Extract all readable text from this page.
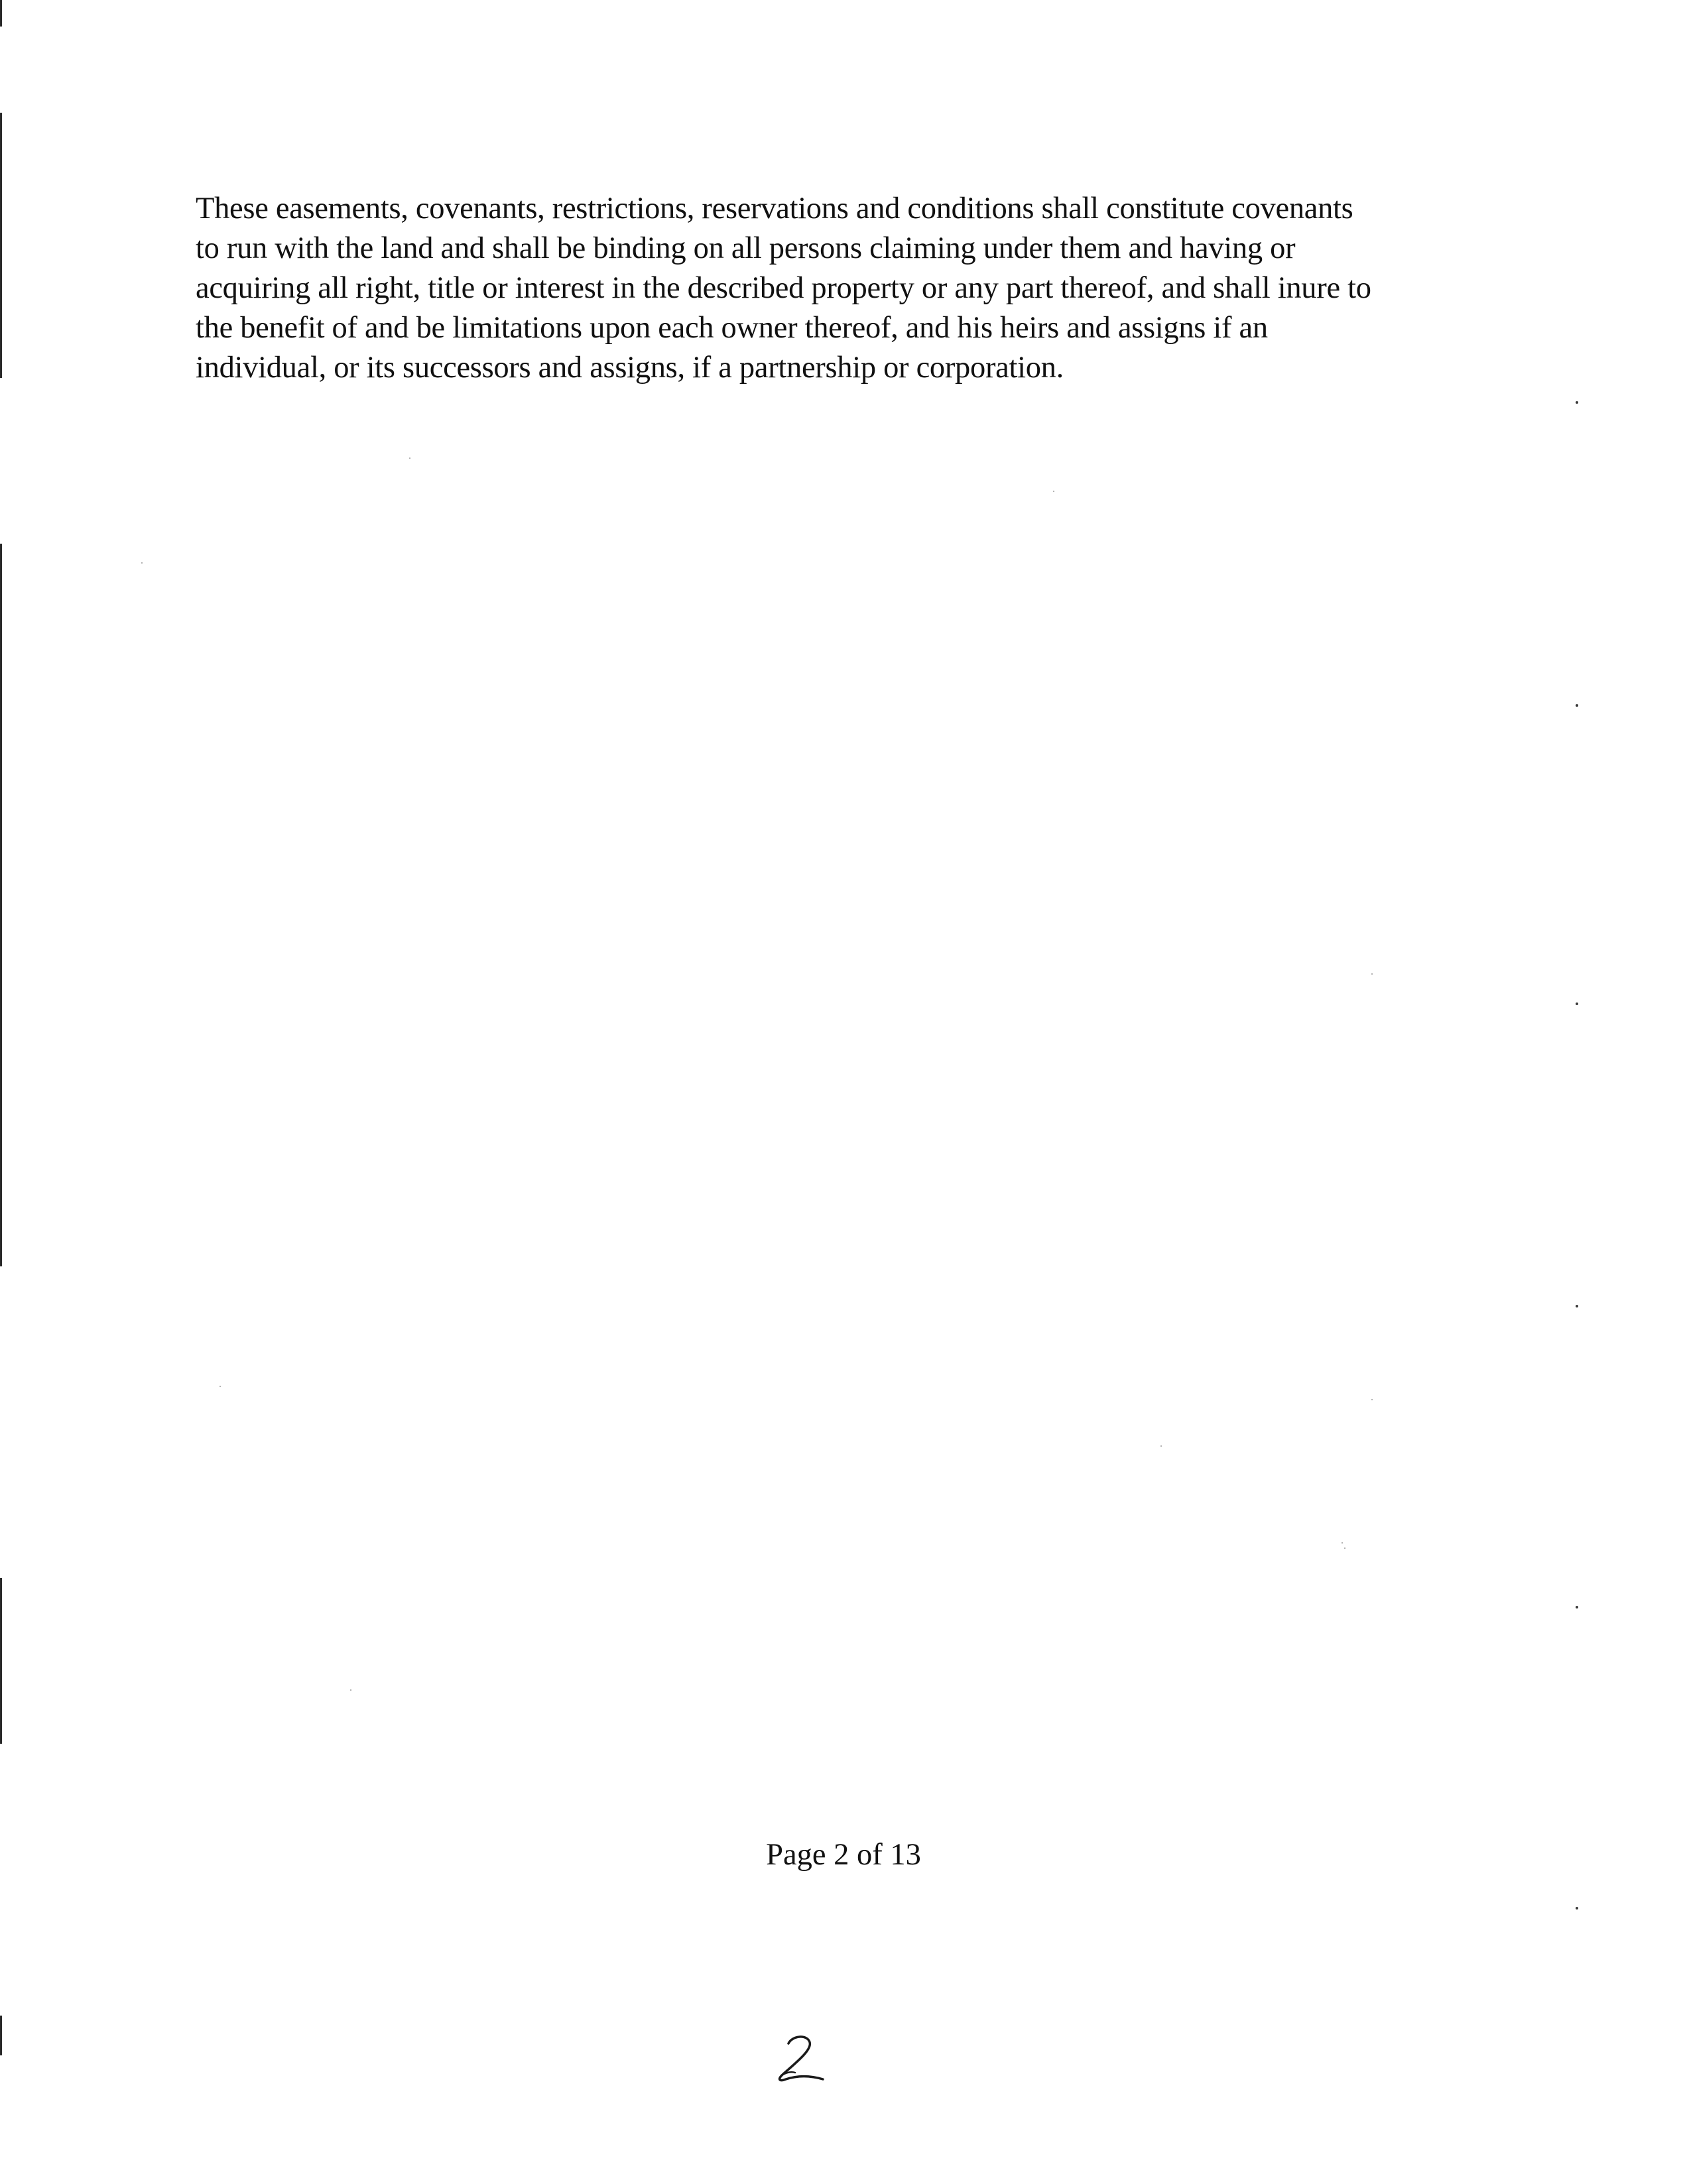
These easements, covenants, restrictions, reservations and conditions shall constitute covenants
to run with the land and shall be binding on all persons claiming under them and having or
acquiring all right, title or interest in the described property or any part thereof, and shall inure to
the benefit of and be limitations upon each owner thereof, and his heirs and assigns if an
individual, or its successors and assigns, if a partnership or corporation.

Page 2 of 13
